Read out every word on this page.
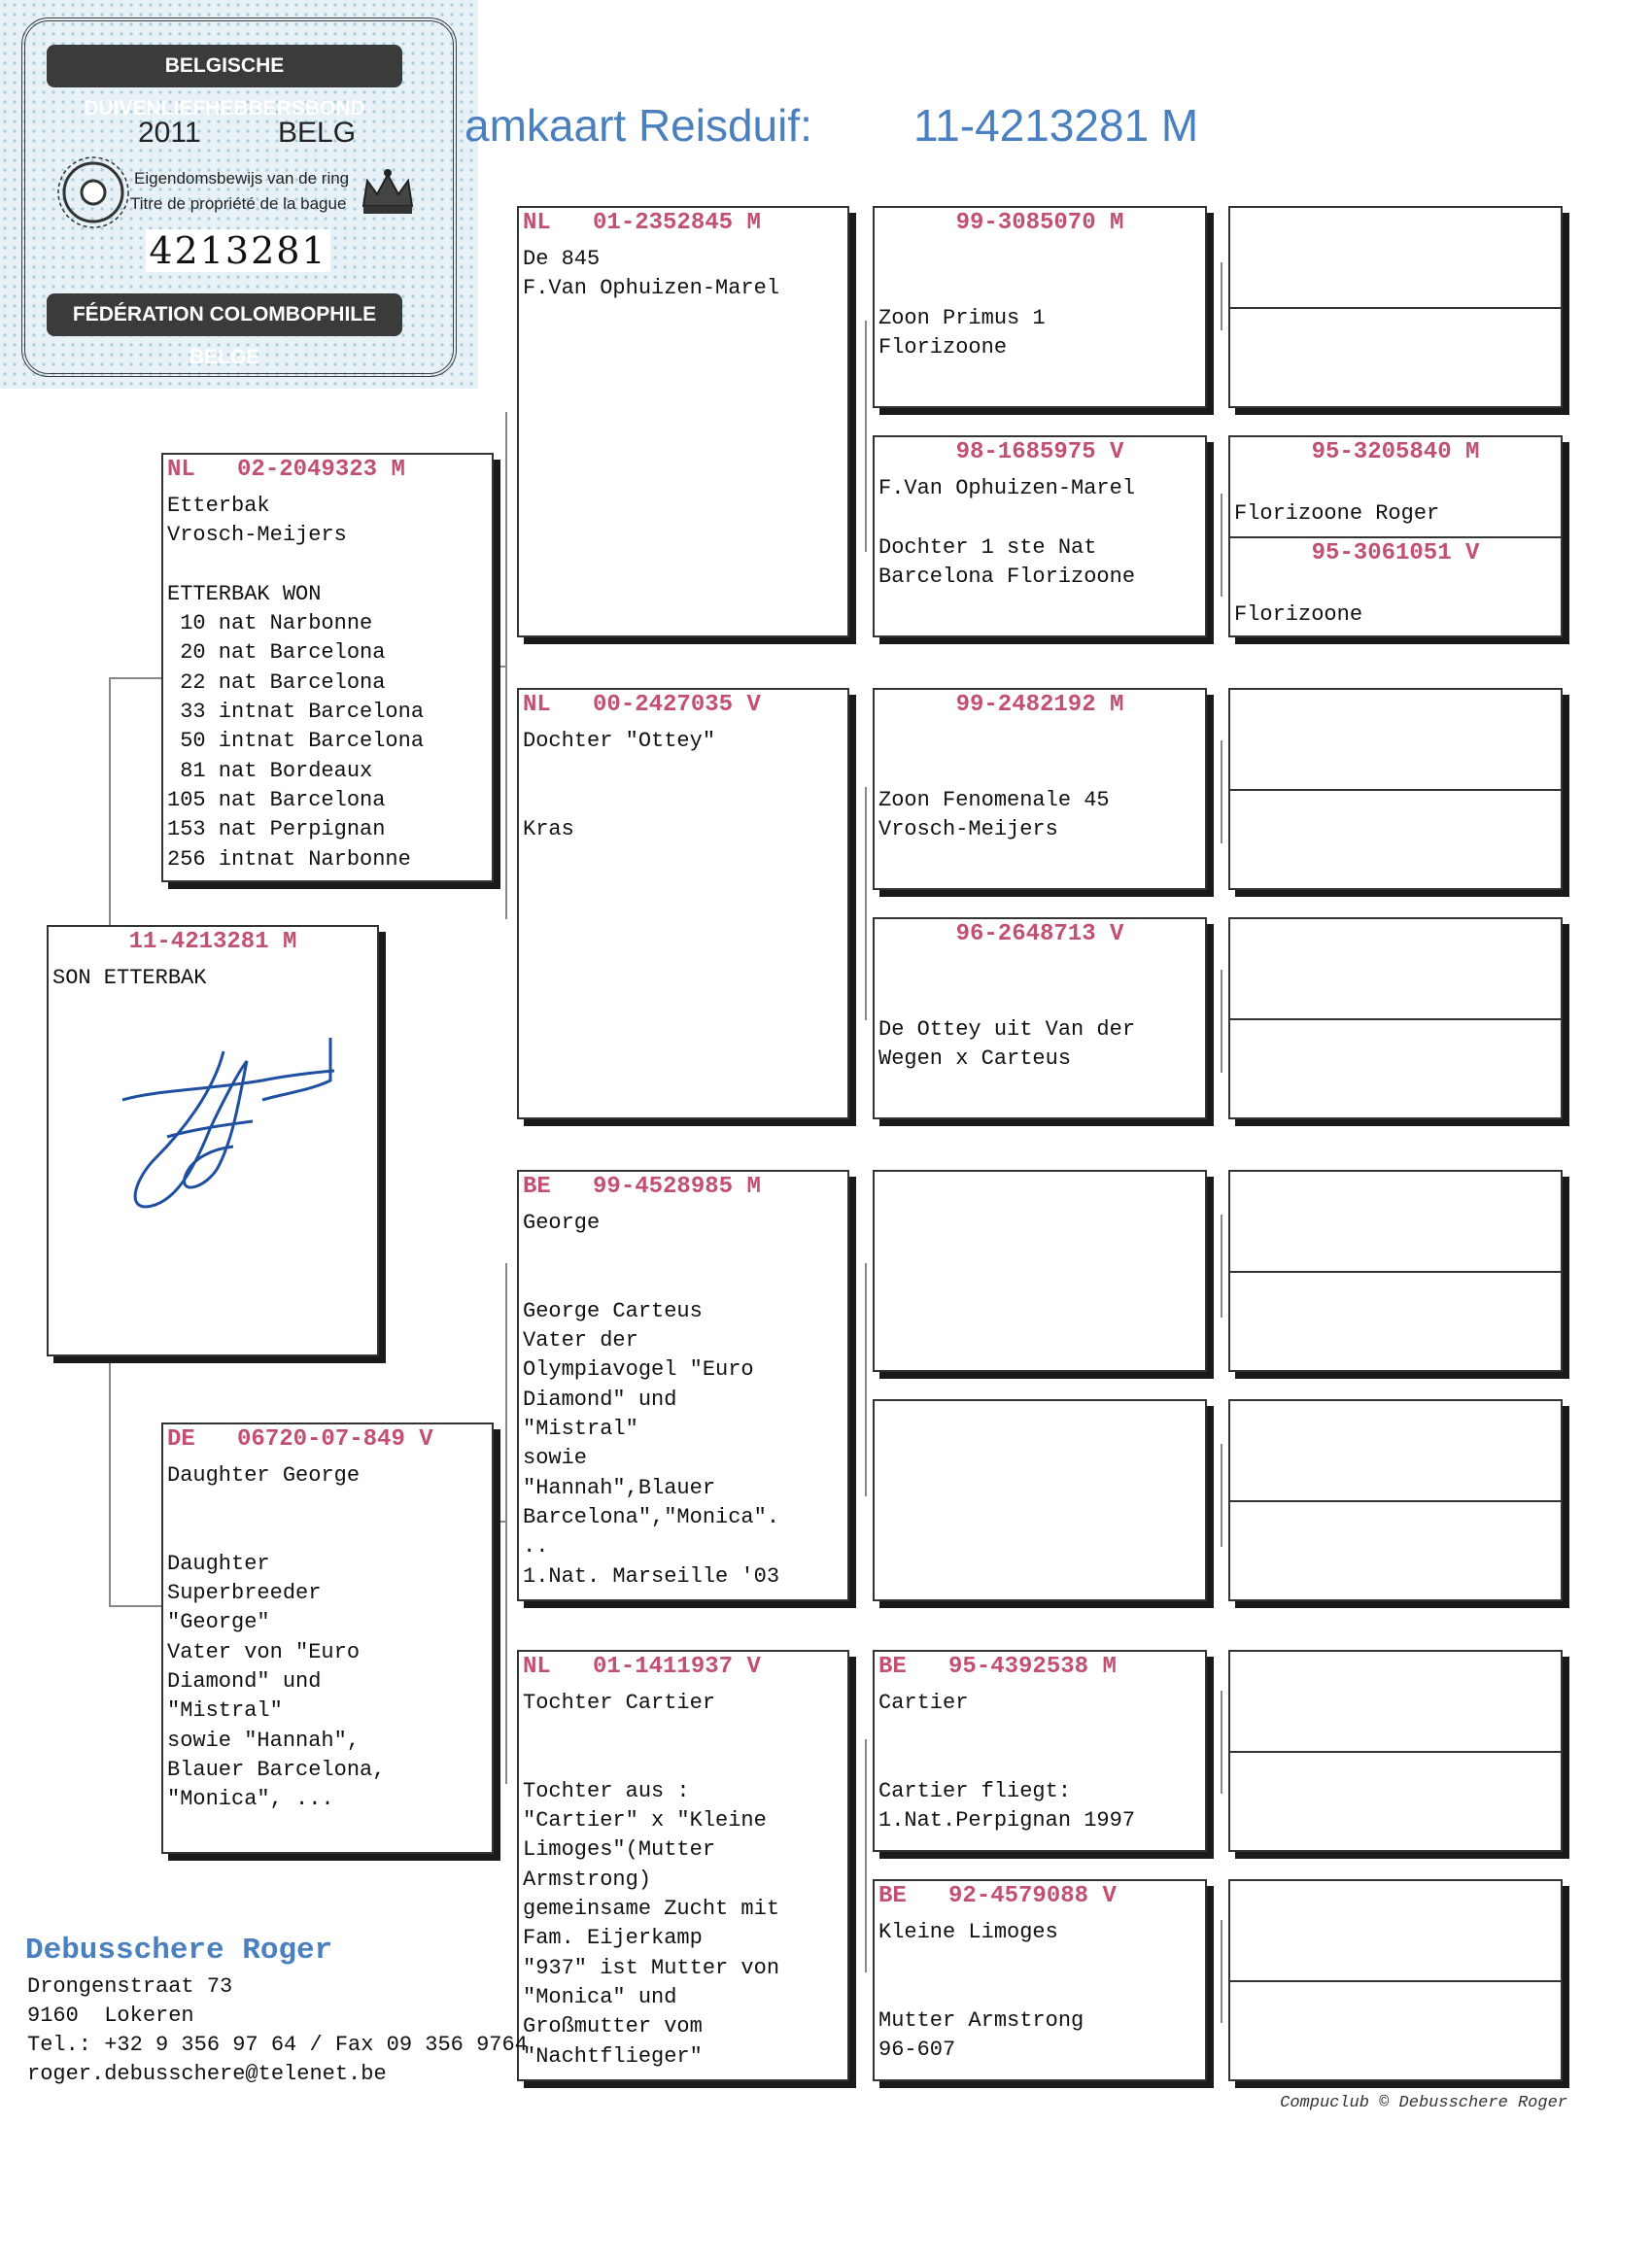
BELGISCHE DUIVENLIEFHEBBERSBOND
2011	BELG
Eigendomsbewijs van de ring
Titre de propriété de la bague
4213281
FÉDÉRATION COLOMBOPHILE BELGE
amkaart Reisduif: 11-4213281 M
11-4213281 M
SON ETTERBAK
NL   02-2049323 M
Etterbak
Vrosch-Meijers

ETTERBAK WON
10 nat Narbonne
20 nat Barcelona
22 nat Barcelona
33 intnat Barcelona
50 intnat Barcelona
81 nat Bordeaux
105 nat Barcelona
153 nat Perpignan
256 intnat Narbonne
DE   06720-07-849 V
Daughter George

Daughter
Superbreeder
"George"
Vater von "Euro
Diamond" und
"Mistral"
sowie "Hannah",
Blauer Barcelona,
"Monica", ...
NL   01-2352845 M
De 845
F.Van Ophuizen-Marel
NL   00-2427035 V
Dochter "Ottey"

Kras
BE   99-4528985 M
George

George Carteus
Vater der
Olympiavogel "Euro
Diamond" und
"Mistral"
sowie
"Hannah",Blauer
Barcelona","Monica".
..
1.Nat. Marseille '03
NL   01-1411937 V
Tochter Cartier

Tochter aus :
"Cartier" x "Kleine
Limoges"(Mutter
Armstrong)
gemeinsame Zucht mit
Fam. Eijerkamp
"937" ist Mutter von
"Monica" und
Großmutter vom
"Nachtflieger"
99-3085070 M

Zoon Primus 1
Florizoone
98-1685975 V
F.Van Ophuizen-Marel

Dochter 1 ste Nat
Barcelona Florizoone
99-2482192 M

Zoon Fenomenale 45
Vrosch-Meijers
96-2648713 V

De Ottey uit Van der
Wegen x Carteus
BE   95-4392538 M
Cartier

Cartier fliegt:
1.Nat.Perpignan 1997
BE   92-4579088 V
Kleine Limoges

Mutter Armstrong
96-607
95-3205840 M
Florizoone Roger
95-3061051 V
Florizoone
Debusschere Roger
Drongenstraat 73
9160  Lokeren
Tel.: +32 9 356 97 64 / Fax 09 356 9764
roger.debusschere@telenet.be
Compuclub © Debusschere Roger
